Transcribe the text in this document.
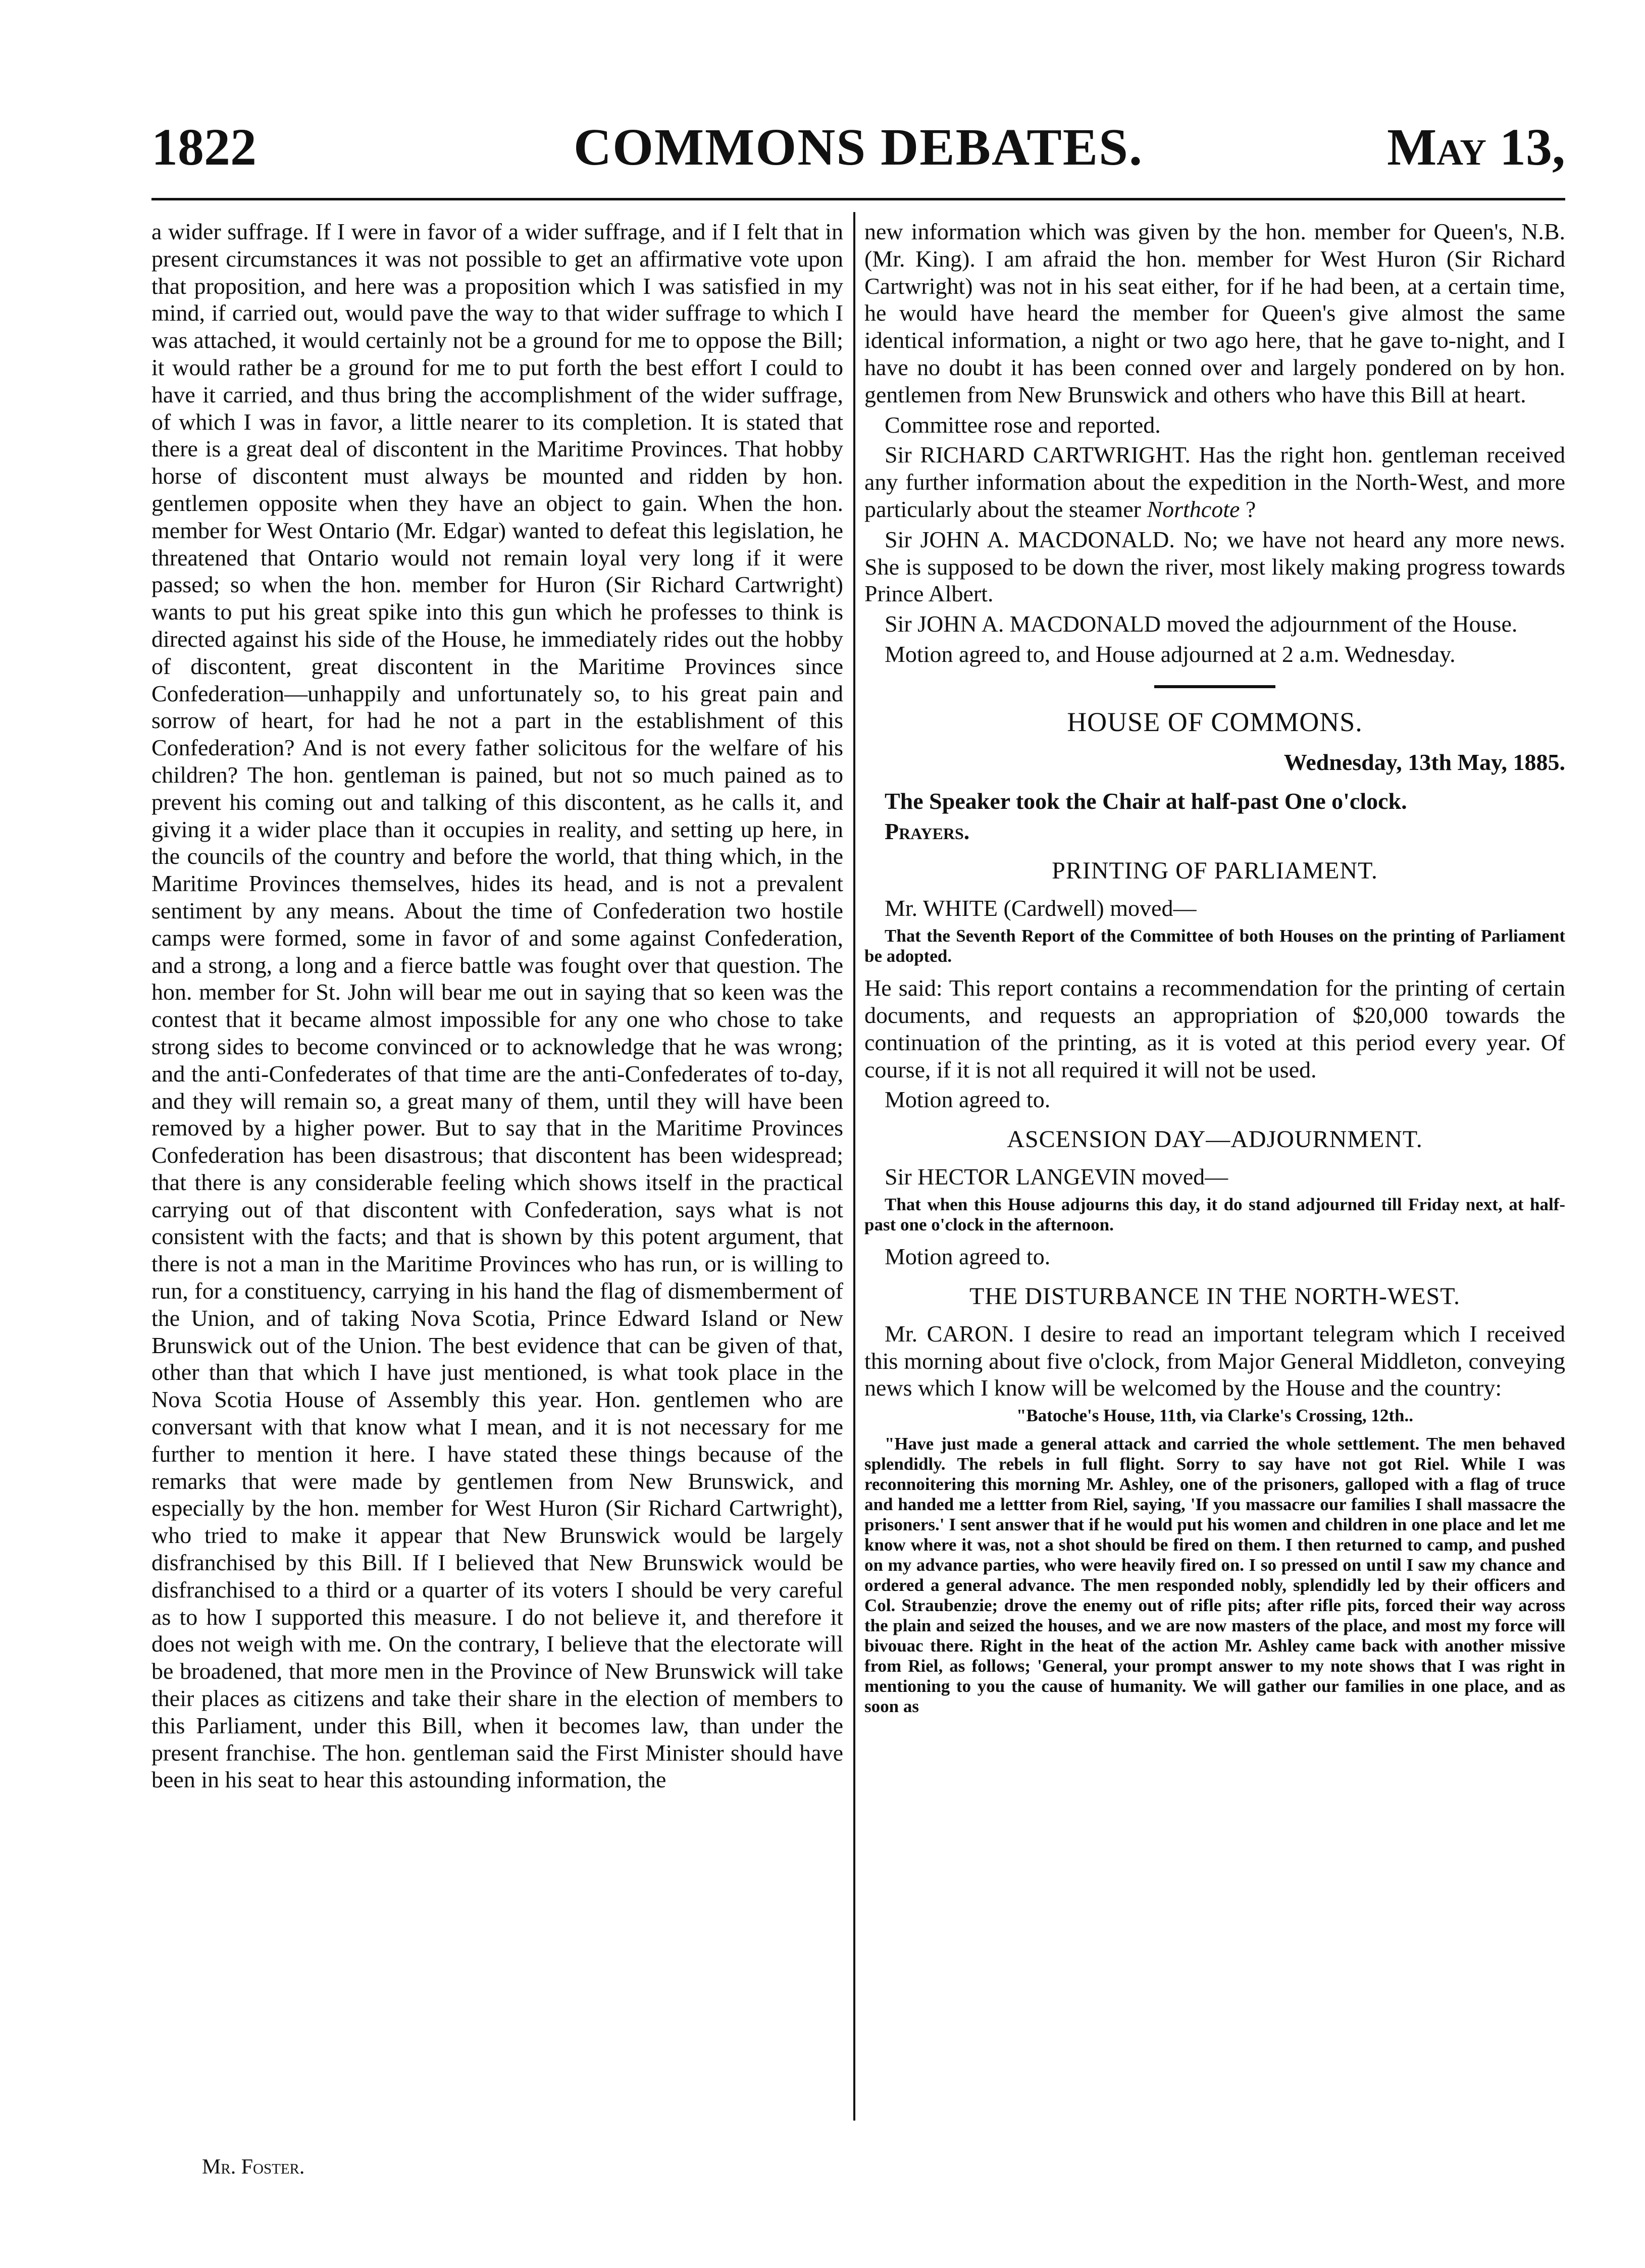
COMMONS DEBATES.
1822	May 13,

a wider suffrage. If I were in favor of a wider suffrage, and if I felt that in present circumstances it was not possible to get an affirmative vote upon that proposition, and here was a proposition which I was satisfied in my mind, if carried out, would pave the way to that wider suffrage to which I was attached, it would certainly not be a ground for me to oppose the Bill; it would rather be a ground for me to put forth the best effort I could to have it carried, and thus bring the accomplishment of the wider suffrage, of which I was in favor, a little nearer to its completion. It is stated that there is a great deal of discontent in the Maritime Provinces. That hobby horse of discontent must always be mounted and ridden by hon. gentlemen opposite when they have an object to gain. When the hon. member for West Ontario (Mr. Edgar) wanted to defeat this legislation, he threatened that Ontario would not remain loyal very long if it were passed; so when the hon. member for Huron (Sir Richard Cartwright) wants to put his great spike into this gun which he professes to think is directed against his side of the House, he immediately rides out the hobby of discontent, great discontent in the Maritime Provinces since Confederation—unhappily and unfortunately so, to his great pain and sorrow of heart, for had he not a part in the establishment of this Confederation? And is not every father solicitous for the welfare of his children? The hon. gentleman is pained, but not so much pained as to prevent his coming out and talking of this discontent, as he calls it, and giving it a wider place than it occupies in reality, and setting up here, in the councils of the country and before the world, that thing which, in the Maritime Provinces themselves, hides its head, and is not a prevalent sentiment by any means. About the time of Confederation two hostile camps were formed, some in favor of and some against Confederation, and a strong, a long and a fierce battle was fought over that question. The hon. member for St. John will bear me out in saying that so keen was the contest that it became almost impossible for any one who chose to take strong sides to become convinced or to acknowledge that he was wrong; and the anti-Confederates of that time are the anti-Confederates of to-day, and they will remain so, a great many of them, until they will have been removed by a higher power. But to say that in the Maritime Provinces Confederation has been disastrous; that discontent has been widespread; that there is any considerable feeling which shows itself in the practical carrying out of that discontent with Confederation, says what is not consistent with the facts; and that is shown by this potent argument, that there is not a man in the Maritime Provinces who has run, or is willing to run, for a constituency, carrying in his hand the flag of dismemberment of the Union, and of taking Nova Scotia, Prince Edward Island or New Brunswick out of the Union. The best evidence that can be given of that, other than that which I have just mentioned, is what took place in the Nova Scotia House of Assembly this year. Hon. gentlemen who are conversant with that know what I mean, and it is not necessary for me further to mention it here. I have stated these things because of the remarks that were made by gentlemen from New Brunswick, and especially by the hon. member for West Huron (Sir Richard Cartwright), who tried to make it appear that New Brunswick would be largely disfranchised by this Bill. If I believed that New Brunswick would be disfranchised to a third or a quarter of its voters I should be very careful as to how I supported this measure. I do not believe it, and therefore it does not weigh with me. On the contrary, I believe that the electorate will be broadened, that more men in the Province of New Brunswick will take their places as citizens and take their share in the election of members to this Parliament, under this Bill, when it becomes law, than under the present franchise. The hon. gentleman said the First Minister should have been in his seat to hear this astounding information, the

Mr. Foster.

new information which was given by the hon. member for Queen's, N.B. (Mr. King). I am afraid the hon. member for West Huron (Sir Richard Cartwright) was not in his seat either, for if he had been, at a certain time, he would have heard the member for Queen's give almost the same identical information, a night or two ago here, that he gave to-night, and I have no doubt it has been conned over and largely pondered on by hon. gentlemen from New Brunswick and others who have this Bill at heart.

Committee rose and reported.

Sir RICHARD CARTWRIGHT. Has the right hon. gentleman received any further information about the expedition in the North-West, and more particularly about the steamer Northcote ?

Sir JOHN A. MACDONALD. No; we have not heard any more news. She is supposed to be down the river, most likely making progress towards Prince Albert.

Sir JOHN A. MACDONALD moved the adjournment of the House.

Motion agreed to, and House adjourned at 2 a.m. Wednesday.

HOUSE OF COMMONS.
Wednesday, 13th May, 1885.

The Speaker took the Chair at half-past One o'clock.

Prayers.

PRINTING OF PARLIAMENT.

Mr. WHITE (Cardwell) moved—

That the Seventh Report of the Committee of both Houses on the printing of Parliament be adopted.

He said: This report contains a recommendation for the printing of certain documents, and requests an appropriation of $20,000 towards the continuation of the printing, as it is voted at this period every year. Of course, if it is not all required it will not be used.

Motion agreed to.

ASCENSION DAY—ADJOURNMENT.

Sir HECTOR LANGEVIN moved—

That when this House adjourns this day, it do stand adjourned till Friday next, at half-past one o'clock in the afternoon.

Motion agreed to.

THE DISTURBANCE IN THE NORTH-WEST.

Mr. CARON. I desire to read an important telegram which I received this morning about five o'clock, from Major General Middleton, conveying news which I know will be welcomed by the House and the country:

"Batoche's House, 11th, via Clarke's Crossing, 12th..

"Have just made a general attack and carried the whole settlement. The men behaved splendidly. The rebels in full flight. Sorry to say have not got Riel. While I was reconnoitering this morning Mr. Ashley, one of the prisoners, galloped with a flag of truce and handed me a lettter from Riel, saying, 'If you massacre our families I shall massacre the prisoners.' I sent answer that if he would put his women and children in one place and let me know where it was, not a shot should be fired on them. I then returned to camp, and pushed on my advance parties, who were heavily fired on. I so pressed on until I saw my chance and ordered a general advance. The men responded nobly, splendidly led by their officers and Col. Straubenzie; drove the enemy out of rifle pits; after rifle pits, forced their way across the plain and seized the houses, and we are now masters of the place, and most my force will bivouac there. Right in the heat of the action Mr. Ashley came back with another missive from Riel, as follows; 'General, your prompt answer to my note shows that I was right in mentioning to you the cause of humanity. We will gather our families in one place, and as soon as
